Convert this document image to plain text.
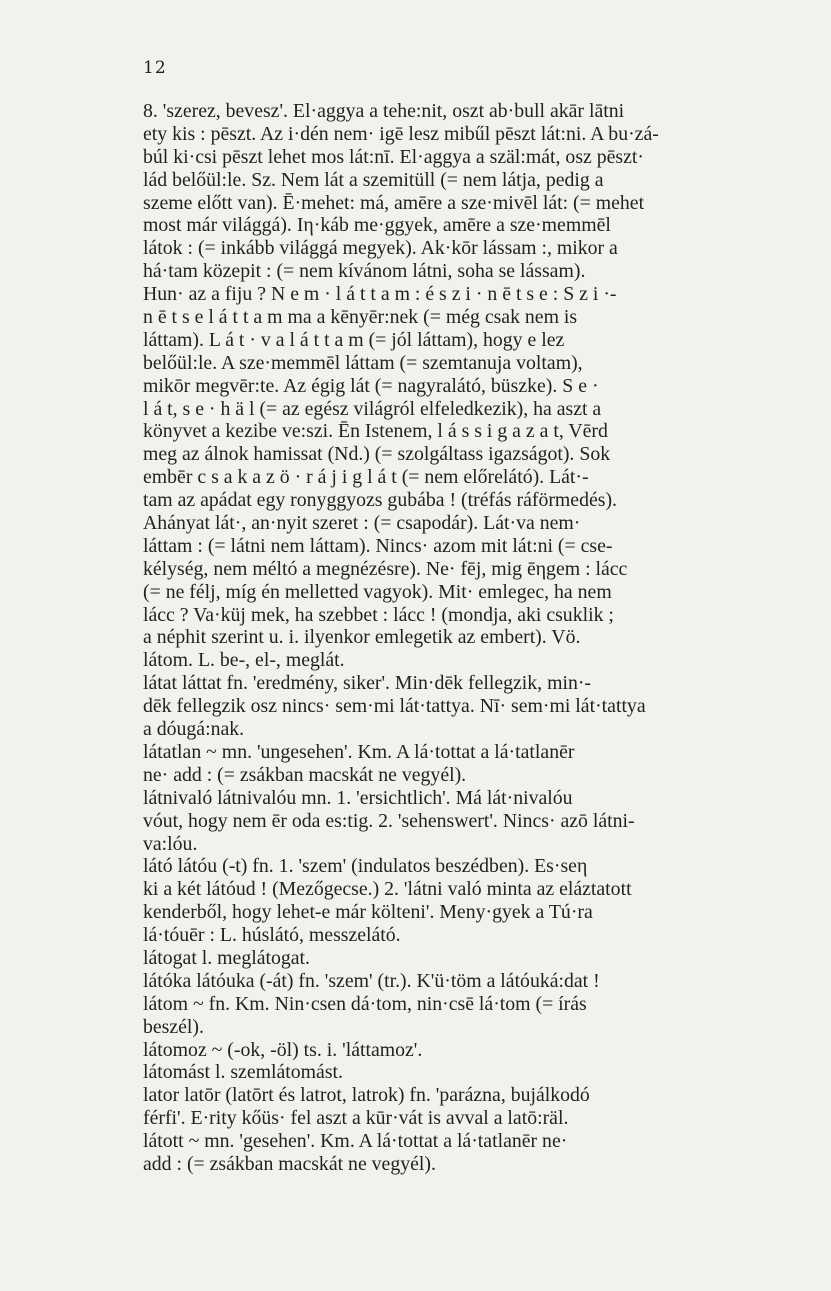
12
8. 'szerez, bevesz'. El·aggya a tehe:nit, oszt ab·bull akār lātni
ety kis : pēszt. Az i·dén nem· igē lesz mibűl pēszt lát:ni. A bu·zá-
búl ki·csi pēszt lehet mos lát:nī. El·aggya a szäl:mát, osz pēszt·
lád belőül:le. Sz. Nem lát a szemitüll (= nem látja, pedig a
szeme előtt van). Ē·mehet: má, amēre a sze·mivēl lát: (= mehet
most már világgá). Iη·káb me·ggyek, amēre a sze·memmēl
látok : (= inkább világgá megyek). Ak·kōr lássam :, mikor a
há·tam közepit : (= nem kívánom látni, soha se lássam).
Hun· az a fiju ? N e m · l á t t a m : é s z i · n ē t s e : S z i ·-
n ē t s e l á t t a m ma a kēnyēr:nek (= még csak nem is
láttam). L á t · v a l á t t a m (= jól láttam), hogy e lez
belőül:le. A sze·memmēl láttam (= szemtanuja voltam),
mikōr megvēr:te. Az égig lát (= nagyralátó, büszke). S e ·
l á t, s e · h ä l (= az egész világról elfeledkezik), ha aszt a
könyvet a kezibe ve:szi. Ēn Istenem, l á s s i g a z a t, Vērd
meg az álnok hamissat (Nd.) (= szolgáltass igazságot). Sok
embēr c s a k a z ö · r á j i g l á t (= nem előrelátó). Lát·-
tam az apádat egy ronyggyozs gubába ! (tréfás ráförmedés).
Ahányat lát·, an·nyit szeret : (= csapodár). Lát·va nem·
láttam : (= látni nem láttam). Nincs· azom mit lát:ni (= cse-
kélység, nem méltó a megnézésre). Ne· fēj, mig ēηgem : lácc
(= ne félj, míg én melletted vagyok). Mit· emlegec, ha nem
lácc ? Va·küj mek, ha szebbet : lácc ! (mondja, aki csuklik ;
a néphit szerint u. i. ilyenkor emlegetik az embert). Vö.
látom. L. be-, el-, meglát.
látat láttat fn. 'eredmény, siker'. Min·dēk fellegzik, min·-
dēk fellegzik osz nincs· sem·mi lát·tattya. Nī· sem·mi lát·tattya
a dóugá:nak.
látatlan ~ mn. 'ungesehen'. Km. A lá·tottat a lá·tatlanēr
ne· add : (= zsákban macskát ne vegyél).
látnivaló látnivalóu mn. 1. 'ersichtlich'. Má lát·nivalóu
vóut, hogy nem ēr oda es:tig. 2. 'sehenswert'. Nincs· azō látni-
va:lóu.
látó látóu (-t) fn. 1. 'szem' (indulatos beszédben). Es·seη
ki a két látóud ! (Mezőgecse.) 2. 'látni való minta az eláztatott
kenderből, hogy lehet-e már költeni'. Meny·gyek a Tú·ra
lá·tóuēr : L. húslátó, messzelátó.
látogat l. meglátogat.
látóka látóuka (-át) fn. 'szem' (tr.). K'ü·töm a látóuká:dat !
látom ~ fn. Km. Nin·csen dá·tom, nin·csē lá·tom (= írás
beszél).
látomoz ~ (-ok, -öl) ts. i. 'láttamoz'.
látomást l. szemlátomást.
lator latōr (latōrt és latrot, latrok) fn. 'parázna, bujálkodó
férfi'. E·rity kőüs· fel aszt a kūr·vát is avval a latō:räl.
látott ~ mn. 'gesehen'. Km. A lá·tottat a lá·tatlanēr ne·
add : (= zsákban macskát ne vegyél).
